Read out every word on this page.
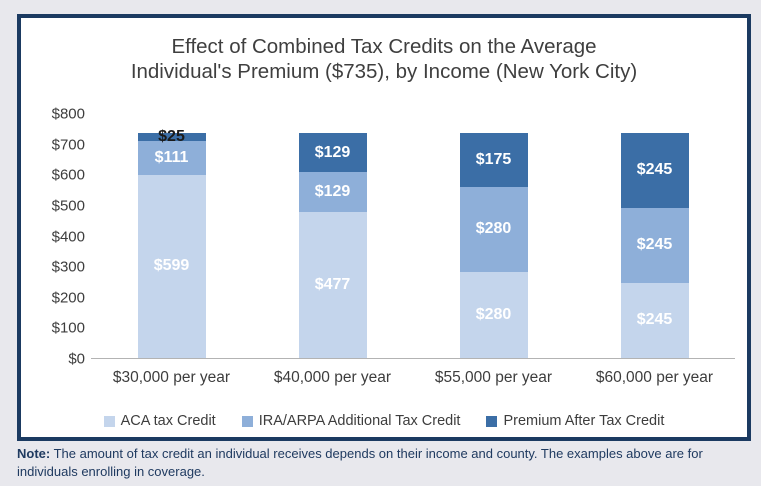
Effect of Combined Tax Credits on the Average
Individual's Premium ($735), by Income (New York City)
$0
$100
$200
$300
$400
$500
$600
$700
$800
$599
$111
$25
$30,000 per year
$477
$129
$129
$40,000 per year
$280
$280
$175
$55,000 per year
$245
$245
$245
$60,000 per year
ACA tax Credit	IRA/ARPA Additional Tax Credit	Premium After Tax Credit
Note: The amount of tax credit an individual receives depends on their income and county. The examples above are for individuals enrolling in coverage.
